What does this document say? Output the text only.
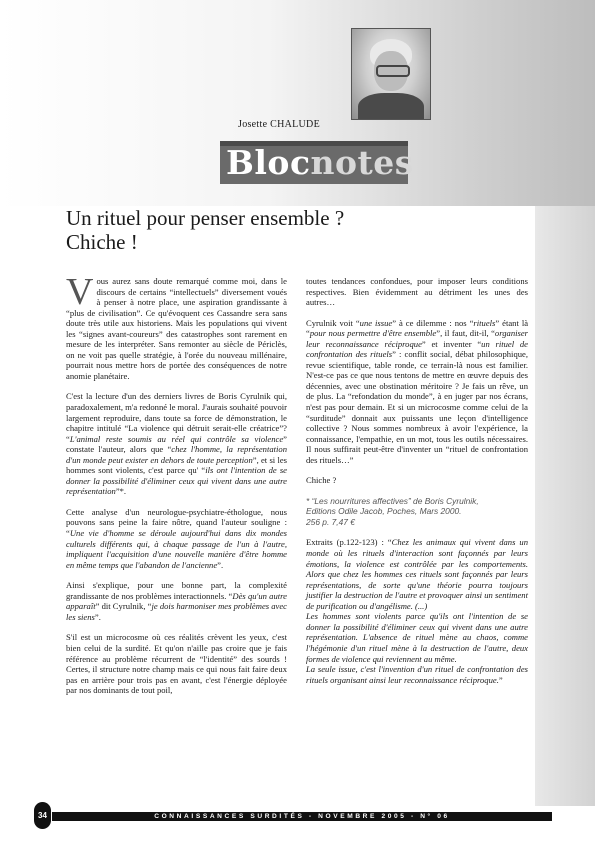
Josette CHALUDE
Blocnotes
Un rituel pour penser ensemble ?
Chiche !

Vous aurez sans doute remarqué comme moi, dans le discours de certains “intellectuels” diversement voués à penser à notre place, une aspiration grandissante à “plus de civilisation”. Ce qu'évoquent ces Cassandre sera sans doute très utile aux historiens. Mais les populations qui vivent les “signes avant-coureurs” des catastrophes sont rarement en mesure de les interpréter. Sans remonter au siècle de Périclès, on ne voit pas quelle stratégie, à l'orée du nouveau millénaire, pourrait nous mettre hors de portée des conséquences de notre anomie planétaire.

C'est la lecture d'un des derniers livres de Boris Cyrulnik qui, paradoxalement, m'a redonné le moral. J'aurais souhaité pouvoir largement reproduire, dans toute sa force de démonstration, le chapitre intitulé “La violence qui détruit serait-elle créatrice”? “L'animal reste soumis au réel qui contrôle sa violence” constate l'auteur, alors que “chez l'homme, la représentation d'un monde peut exister en dehors de toute perception”, et si les hommes sont violents, c'est parce qu' “ils ont l'intention de se donner la possibilité d'éliminer ceux qui vivent dans une autre représentation”*.

Cette analyse d'un neurologue-psychiatre-éthologue, nous pouvons sans peine la faire nôtre, quand l'auteur souligne : “Une vie d'homme se déroule aujourd'hui dans dix mondes culturels différents qui, à chaque passage de l'un à l'autre, impliquent l'acquisition d'une nouvelle manière d'être homme en même temps que l'abandon de l'ancienne”.

Ainsi s'explique, pour une bonne part, la complexité grandissante de nos problèmes interactionnels. “Dès qu'un autre apparaît” dit Cyrulnik, “je dois harmoniser mes problèmes avec les siens”.

S'il est un microcosme où ces réalités crèvent les yeux, c'est bien celui de la surdité. Et qu'on n'aille pas croire que je fais référence au problème récurrent de “l'identité” des sourds ! Certes, il structure notre champ mais ce qui nous fait faire deux pas en arrière pour trois pas en avant, c'est l'énergie déployée par nos dominants de tout poil,

toutes tendances confondues, pour imposer leurs conditions respectives. Bien évidemment au détriment les unes des autres…

Cyrulnik voit “une issue” à ce dilemme : nos “rituels” étant là “pour nous permettre d'être ensemble”, il faut, dit-il, “organiser leur reconnaissance réciproque” et inventer “un rituel de confrontation des rituels” : conflit social, débat philosophique, revue scientifique, table ronde, ce terrain-là nous est familier. N'est-ce pas ce que nous tentons de mettre en œuvre depuis des décennies, avec une obstination méritoire ? Je fais un rêve, un de plus. La “refondation du monde”, à en juger par nos écrans, n'est pas pour demain. Et si un microcosme comme celui de la “surditude” donnait aux puissants une leçon d'intelligence collective ? Nous sommes nombreux à avoir l'expérience, la connaissance, l'empathie, en un mot, tous les outils nécessaires. Il nous suffirait peut-être d'inventer un “rituel de confrontation des rituels…”

Chiche ?

* “Les nourritures affectives” de Boris Cyrulnik,

Editions Odile Jacob, Poches, Mars 2000.

256 p. 7,47 €

Extraits (p.122-123) : “Chez les animaux qui vivent dans un monde où les rituels d'interaction sont façonnés par leurs émotions, la violence est contrôlée par les comportements. Alors que chez les hommes ces rituels sont façonnés par leurs représentations, de sorte qu'une théorie pourra toujours justifier la destruction de l'autre et provoquer ainsi un sentiment de purification ou d'angélisme. (...)

Les hommes sont violents parce qu'ils ont l'intention de se donner la possibilité d'éliminer ceux qui vivent dans une autre représentation. L'absence de rituel mène au chaos, comme l'hégémonie d'un rituel mène à la destruction de l'autre, deux formes de violence qui reviennent au même.

La seule issue, c'est l'invention d'un rituel de confrontation des rituels organisant ainsi leur reconnaissance réciproque.”

34	CONNAISSANCES SURDITÉS - NOVEMBRE 2005 - N° 06
